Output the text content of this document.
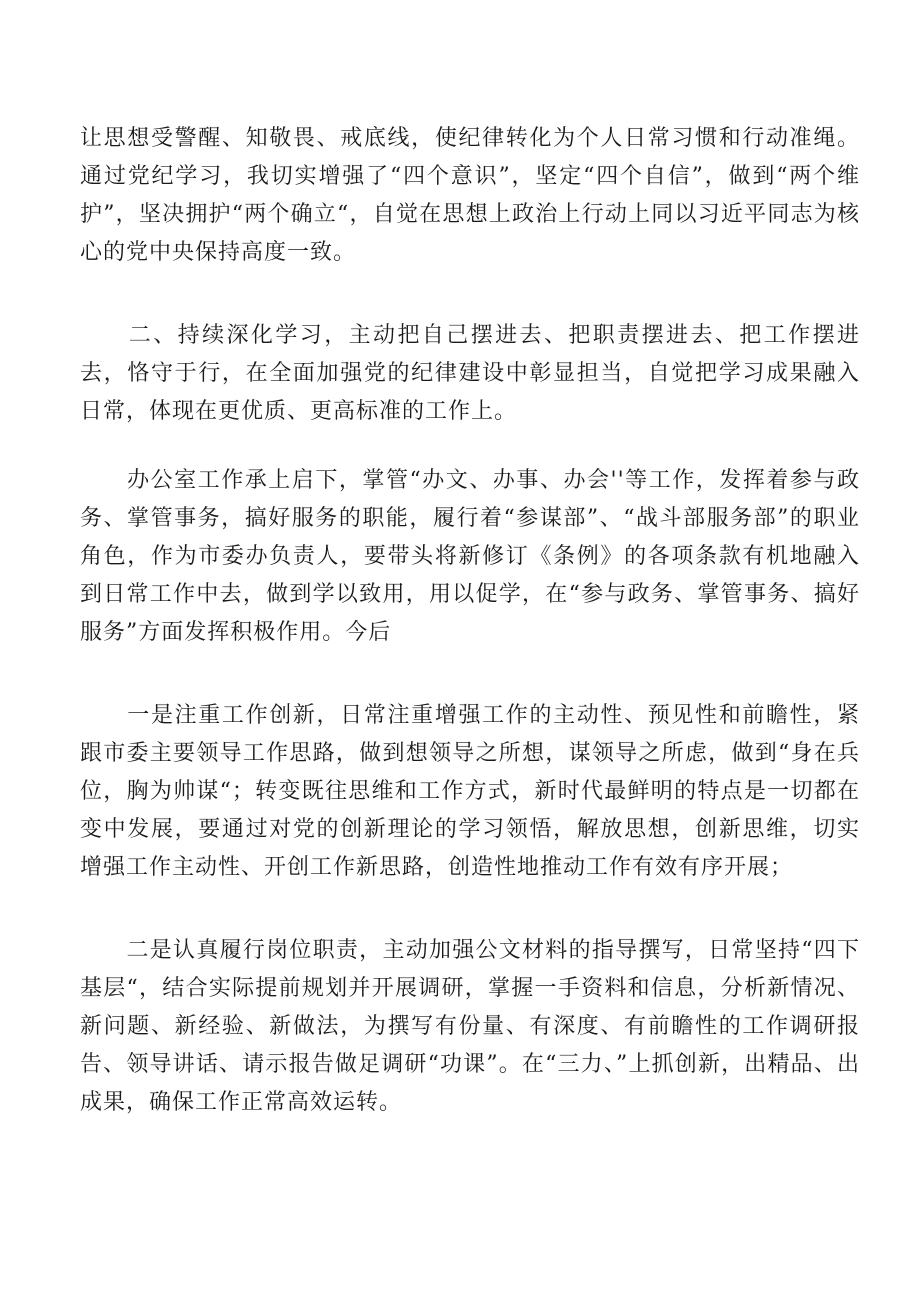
让思想受警醒、知敬畏、戒底线，使纪律转化为个人日常习惯和行动准绳。通过党纪学习，我切实增强了“四个意识”，坚定“四个自信”，做到“两个维护”，坚决拥护“两个确立“，自觉在思想上政治上行动上同以习近平同志为核心的党中央保持高度一致。

　　二、持续深化学习，主动把自己摆进去、把职责摆进去、把工作摆进去，恪守于行，在全面加强党的纪律建设中彰显担当，自觉把学习成果融入日常，体现在更优质、更高标准的工作上。

　　办公室工作承上启下，掌管“办文、办事、办会''等工作，发挥着参与政务、掌管事务，搞好服务的职能，履行着“参谋部”、“战斗部服务部”的职业角色，作为市委办负责人，要带头将新修订《条例》的各项条款有机地融入到日常工作中去，做到学以致用，用以促学，在“参与政务、掌管事务、搞好服务”方面发挥积极作用。今后

　　一是注重工作创新，日常注重增强工作的主动性、预见性和前瞻性，紧跟市委主要领导工作思路，做到想领导之所想，谋领导之所虑，做到“身在兵位，胸为帅谋“；转变既往思维和工作方式，新时代最鲜明的特点是一切都在变中发展，要通过对党的创新理论的学习领悟，解放思想，创新思维，切实增强工作主动性、开创工作新思路，创造性地推动工作有效有序开展；

　　二是认真履行岗位职责，主动加强公文材料的指导撰写，日常坚持“四下基层“，结合实际提前规划并开展调研，掌握一手资料和信息，分析新情况、新问题、新经验、新做法，为撰写有份量、有深度、有前瞻性的工作调研报告、领导讲话、请示报告做足调研“功课”。在“三力、”上抓创新，出精品、出成果，确保工作正常高效运转。
